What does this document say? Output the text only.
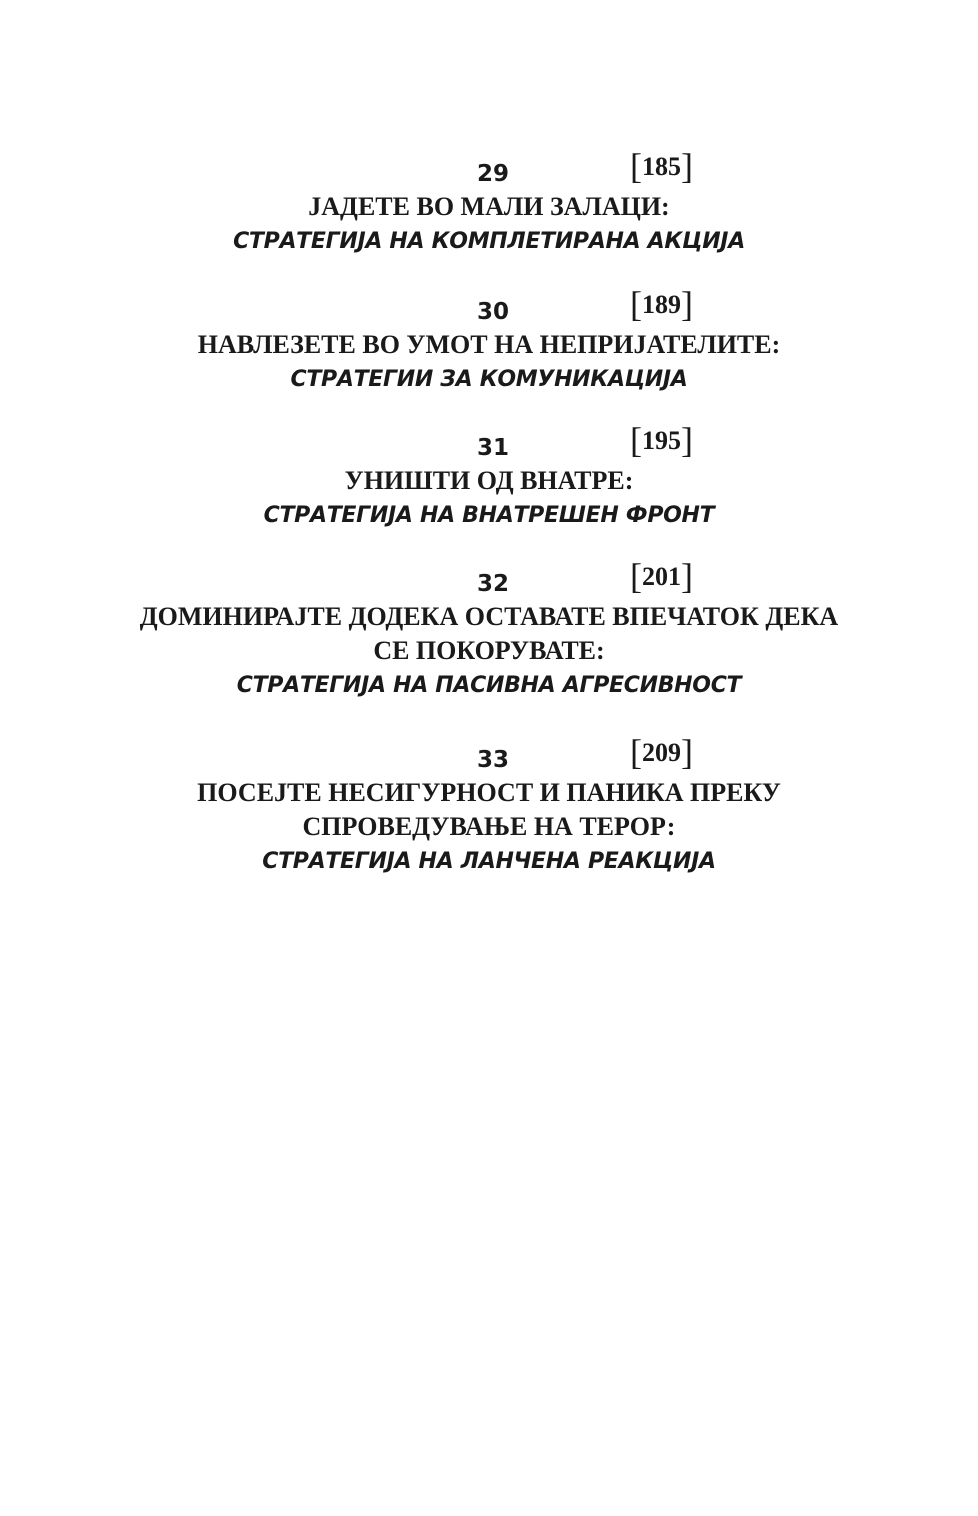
29	[185]
ЈАДЕТЕ ВО МАЛИ ЗАЛАЦИ:
СТРАТЕГИЈА НА КОМПЛЕТИРАНА АКЦИЈА
30	[189]
НАВЛЕЗЕТЕ ВО УМОТ НА НЕПРИЈАТЕЛИТЕ:
СТРАТЕГИИ ЗА КОМУНИКАЦИЈА
31	[195]
УНИШТИ ОД ВНАТРЕ:
СТРАТЕГИЈА НА ВНАТРЕШЕН ФРОНТ
32	[201]
ДОМИНИРАЈТЕ ДОДЕКА ОСТАВАТЕ ВПЕЧАТОК ДЕКА
СЕ ПОКОРУВАТЕ:
СТРАТЕГИЈА НА ПАСИВНА АГРЕСИВНОСТ
33	[209]
ПОСЕЈТЕ НЕСИГУРНОСТ И ПАНИКА ПРЕКУ
СПРОВЕДУВАЊЕ НА ТЕРОР:
СТРАТЕГИЈА НА ЛАНЧЕНА РЕАКЦИЈА
